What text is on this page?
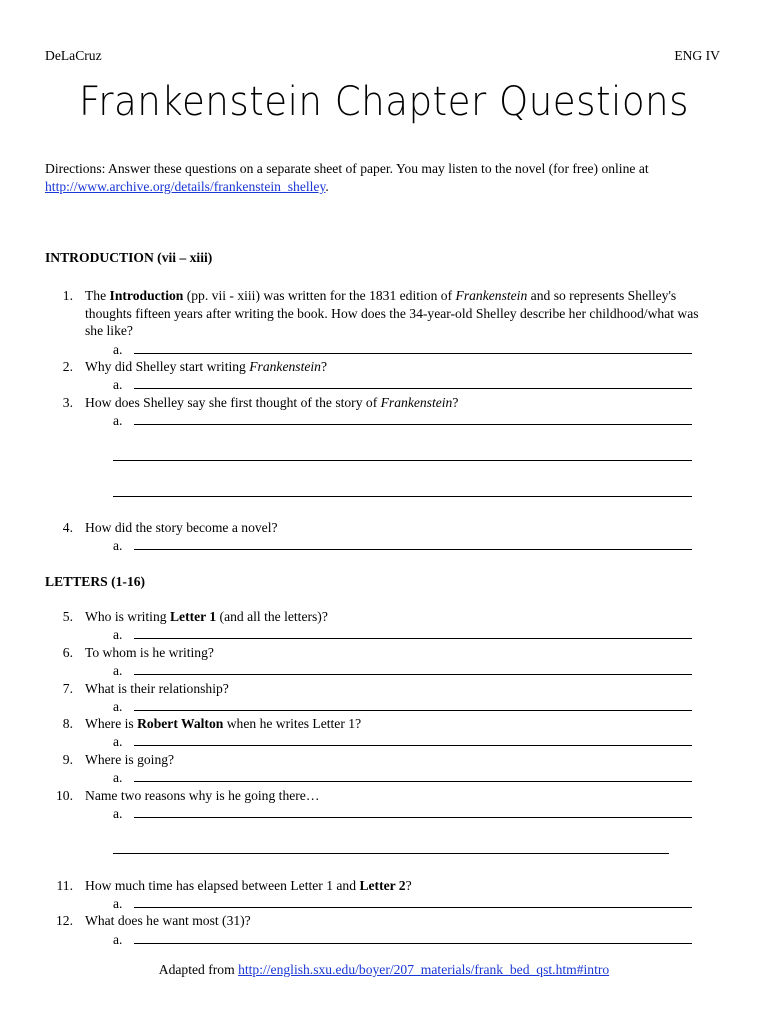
DeLaCruz	ENG IV
Frankenstein Chapter Questions
Directions: Answer these questions on a separate sheet of paper. You may listen to the novel (for free) online at
http://www.archive.org/details/frankenstein_shelley.
INTRODUCTION (vii – xiii)
1. The Introduction (pp. vii - xiii) was written for the 1831 edition of Frankenstein and so represents Shelley's thoughts fifteen years after writing the book. How does the 34-year-old Shelley describe her childhood/what was she like?
a.
2. Why did Shelley start writing Frankenstein?
a.
3. How does Shelley say she first thought of the story of Frankenstein?
a.
4. How did the story become a novel?
a.
LETTERS (1-16)
5. Who is writing Letter 1 (and all the letters)?
a.
6. To whom is he writing?
a.
7. What is their relationship?
a.
8. Where is Robert Walton when he writes Letter 1?
a.
9. Where is going?
a.
10. Name two reasons why is he going there…
a.
11. How much time has elapsed between Letter 1 and Letter 2?
a.
12. What does he want most (31)?
a.
Adapted from http://english.sxu.edu/boyer/207_materials/frank_bed_qst.htm#intro
